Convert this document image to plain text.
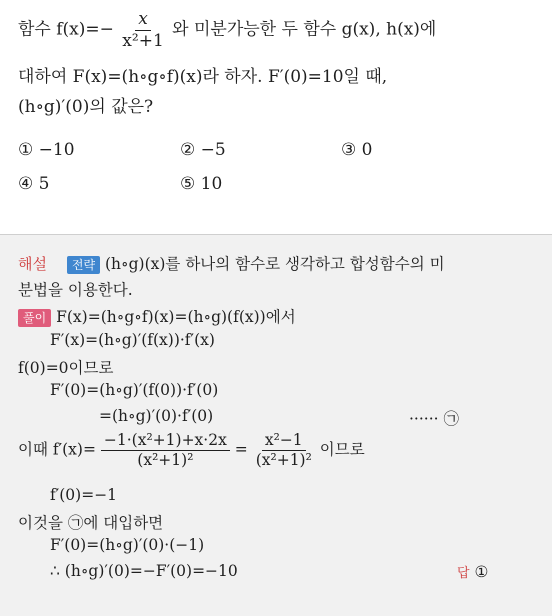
함수 $f(x)=- \frac{x}{\text{x²+1}}$ 와 미분가능한 두 함수 g(x), h(x)에
대하여 F(x)=(h∘g∘f)(x)라 하자. F′(0)=10일 때,
(h∘g)′(0)의 값은?
① −10	② −5	③ 0
④ 5	⑤ 10
해설 전략 (h∘g)(x)를 하나의 함수로 생각하고 합성함수의 미
분법을 이용한다.
풀이 F(x)=(h∘g∘f)(x)=(h∘g)(f(x))에서
F′(x)=(h∘g)′(f(x))·f′(x)
f(0)=0이므로
F′(0)=(h∘g)′(f(0))·f′(0)
=(h∘g)′(0)·f′(0)	······ ㉠
이때 $f'(x)= \frac{\text{−1·(x²+1)+x·2x}}{\text{(x²+1)²}} = \frac{\text{x²−1}}{\text{(x²+1)²}}$ 이므로
f′(0)=−1
이것을 ㉠에 대입하면
F′(0)=(h∘g)′(0)·(−1)
∴ (h∘g)′(0)=−F′(0)=−10	답 ①
